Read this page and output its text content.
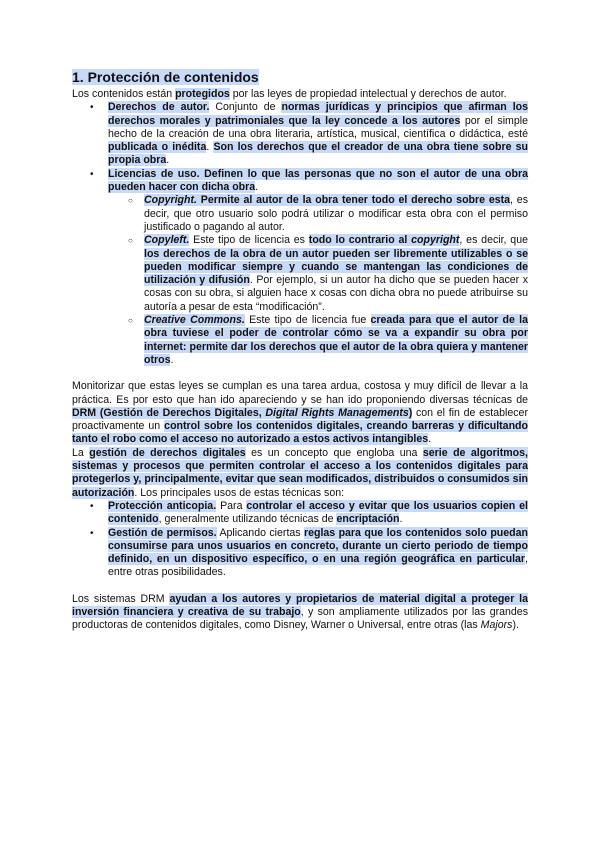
1. Protección de contenidos

Los contenidos están protegidos por las leyes de propiedad intelectual y derechos de autor.

• Derechos de autor. Conjunto de normas jurídicas y principios que afirman los derechos morales y patrimoniales que la ley concede a los autores por el simple hecho de la creación de una obra literaria, artística, musical, científica o didáctica, esté publicada o inédita. Son los derechos que el creador de una obra tiene sobre su propia obra.
• Licencias de uso. Definen lo que las personas que no son el autor de una obra pueden hacer con dicha obra.
○ Copyright. Permite al autor de la obra tener todo el derecho sobre esta, es decir, que otro usuario solo podrá utilizar o modificar esta obra con el permiso justificado o pagando al autor.
○ Copyleft. Este tipo de licencia es todo lo contrario al copyright, es decir, que los derechos de la obra de un autor pueden ser libremente utilizables o se pueden modificar siempre y cuando se mantengan las condiciones de utilización y difusión. Por ejemplo, si un autor ha dicho que se pueden hacer x cosas con su obra, si alguien hace x cosas con dicha obra no puede atribuirse su autoría a pesar de esta “modificación”.
○ Creative Commons. Este tipo de licencia fue creada para que el autor de la obra tuviese el poder de controlar cómo se va a expandir su obra por internet: permite dar los derechos que el autor de la obra quiera y mantener otros.

Monitorizar que estas leyes se cumplan es una tarea ardua, costosa y muy difícil de llevar a la práctica. Es por esto que han ido apareciendo y se han ido proponiendo diversas técnicas de DRM (Gestión de Derechos Digitales, Digital Rights Managements) con el fin de establecer proactivamente un control sobre los contenidos digitales, creando barreras y dificultando tanto el robo como el acceso no autorizado a estos activos intangibles.

La gestión de derechos digitales es un concepto que engloba una serie de algoritmos, sistemas y procesos que permiten controlar el acceso a los contenidos digitales para protegerlos y, principalmente, evitar que sean modificados, distribuidos o consumidos sin autorización. Los principales usos de estas técnicas son:

• Protección anticopia. Para controlar el acceso y evitar que los usuarios copien el contenido, generalmente utilizando técnicas de encriptación.
• Gestión de permisos. Aplicando ciertas reglas para que los contenidos solo puedan consumirse para unos usuarios en concreto, durante un cierto periodo de tiempo definido, en un dispositivo específico, o en una región geográfica en particular, entre otras posibilidades.

Los sistemas DRM ayudan a los autores y propietarios de material digital a proteger la inversión financiera y creativa de su trabajo, y son ampliamente utilizados por las grandes productoras de contenidos digitales, como Disney, Warner o Universal, entre otras (las Majors).
